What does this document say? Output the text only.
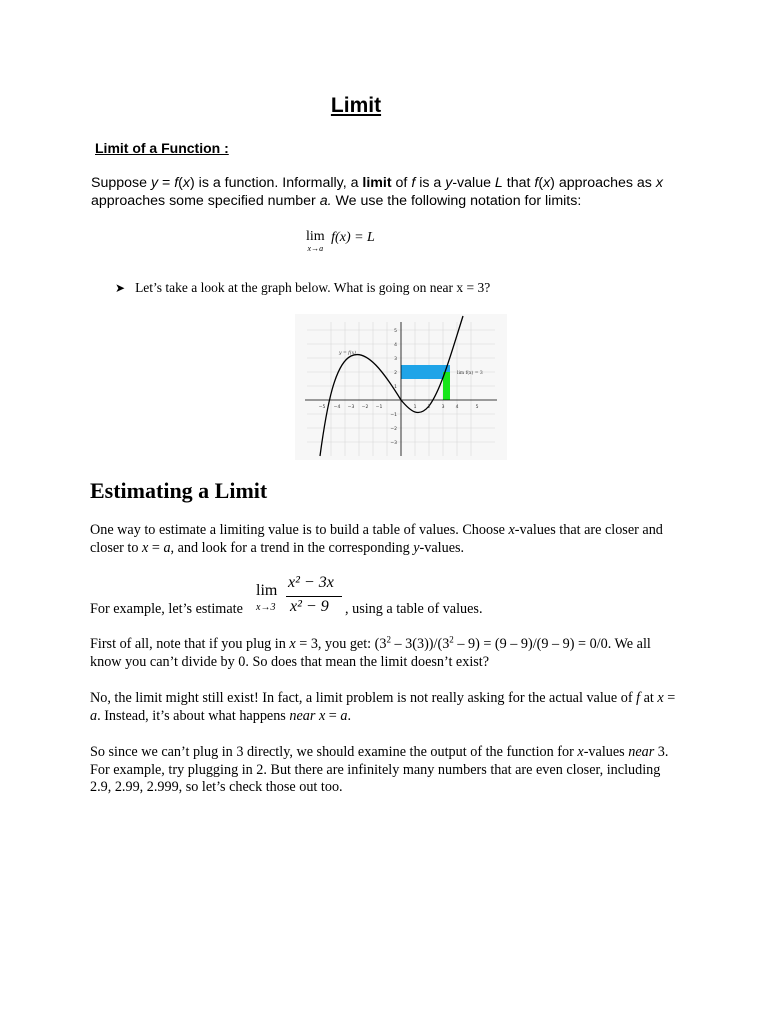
Limit
Limit of a Function :
Suppose y = f(x) is a function. Informally, a limit of f is a y-value L that f(x) approaches as x approaches some specified number a. We use the following notation for limits:
lim
x→a
f(x) = L
➤ Let’s take a look at the graph below. What is going on near x = 3?
−5 −4 −3 −2 −1	1 2 3 4	5
5
4
3
2
1
−1
−2
−3
y = f(x)
lim f(x) = 3
Estimating a Limit
One way to estimate a limiting value is to build a table of values. Choose x-values that are closer and closer to x = a, and look for a trend in the corresponding y-values.
For example, let’s estimate
lim
x→3
x² − 3x
x² − 9 , using a table of values.
First of all, note that if you plug in x = 3, you get: $(3^2 - 3(3))/(3^2 - 9) = (9 - 9)/(9 - 9) = 0/0$. We all know you can’t divide by 0. So does that mean the limit doesn’t exist?
No, the limit might still exist! In fact, a limit problem is not really asking for the actual value of f at x = a. Instead, it’s about what happens near x = a.
So since we can’t plug in 3 directly, we should examine the output of the function for x-values near 3. For example, try plugging in 2. But there are infinitely many numbers that are even closer, including 2.9, 2.99, 2.999, so let’s check those out too.
